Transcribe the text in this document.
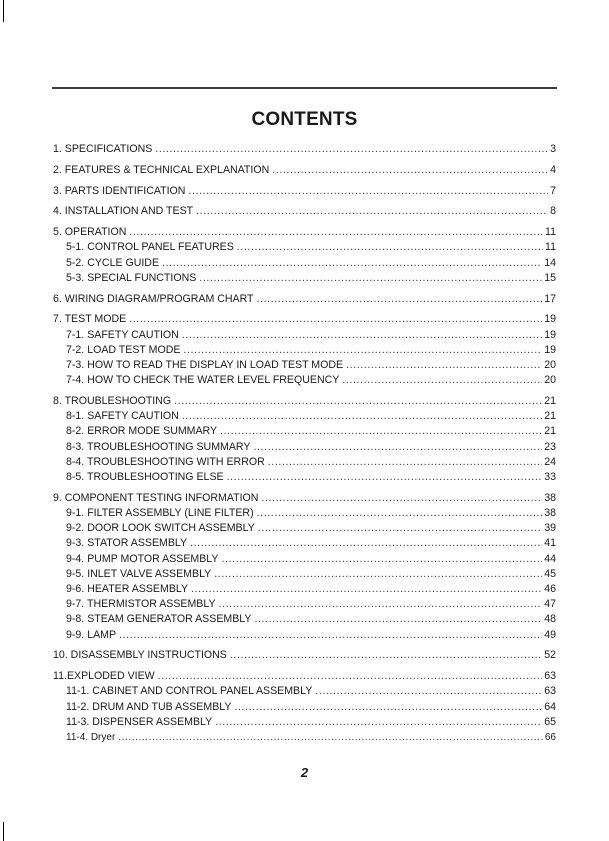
CONTENTS
1. SPECIFICATIONS .....	3
2. FEATURES & TECHNICAL EXPLANATION .....	4
3. PARTS IDENTIFICATION .....	7
4. INSTALLATION AND TEST .....	8
5. OPERATION .....	11
5-1. CONTROL PANEL FEATURES .....	11
5-2. CYCLE GUIDE .....	14
5-3. SPECIAL FUNCTIONS .....	15
6. WIRING DIAGRAM/PROGRAM CHART .....	17
7. TEST MODE .....	19
7-1. SAFETY CAUTION .....	19
7-2. LOAD TEST MODE .....	19
7-3. HOW TO READ THE DISPLAY IN LOAD TEST MODE .....	20
7-4. HOW TO CHECK THE WATER LEVEL FREQUENCY .....	20
8. TROUBLESHOOTING .....	21
8-1. SAFETY CAUTION .....	21
8-2. ERROR MODE SUMMARY .....	21
8-3. TROUBLESHOOTING SUMMARY .....	23
8-4. TROUBLESHOOTING WITH ERROR .....	24
8-5. TROUBLESHOOTING ELSE .....	33
9. COMPONENT TESTING INFORMATION .....	38
9-1. FILTER ASSEMBLY (LINE FILTER) .....	38
9-2. DOOR LOOK SWITCH ASSEMBLY .....	39
9-3. STATOR ASSEMBLY .....	41
9-4. PUMP MOTOR ASSEMBLY .....	44
9-5. INLET VALVE ASSEMBLY .....	45
9-6. HEATER ASSEMBLY .....	46
9-7. THERMISTOR ASSEMBLY .....	47
9-8. STEAM GENERATOR ASSEMBLY .....	48
9-9. LAMP .....	49
10. DISASSEMBLY INSTRUCTIONS .....	52
11.EXPLODED VIEW .....	63
11-1. CABINET AND CONTROL PANEL ASSEMBLY .....	63
11-2. DRUM AND TUB ASSEMBLY .....	64
11-3. DISPENSER ASSEMBLY .....	65
11-4. Dryer .....	66
2
